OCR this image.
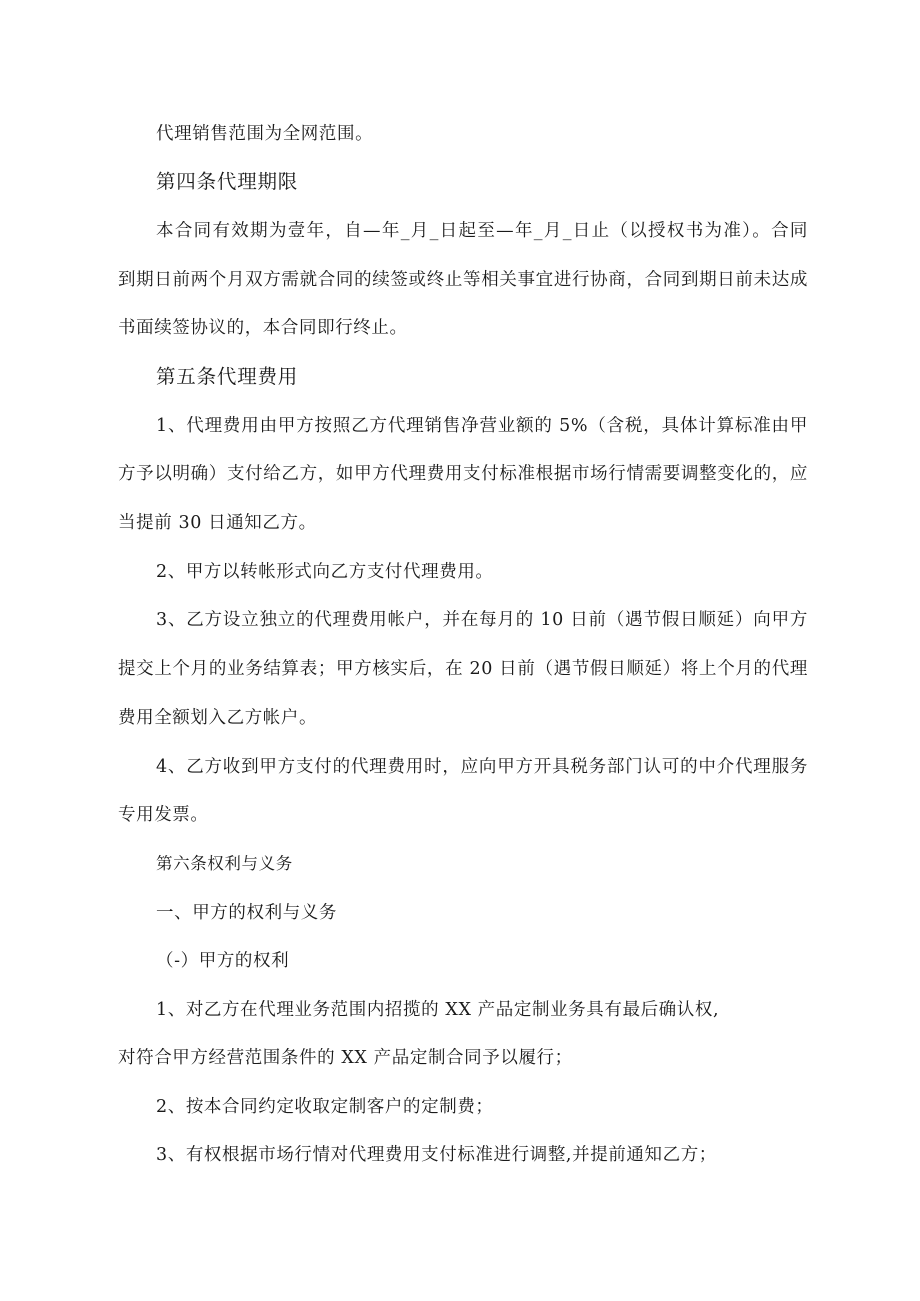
代理销售范围为全网范围。
第四条代理期限
本合同有效期为壹年，自—年_月_日起至—年_月_日止（以授权书为准）。合同
到期日前两个月双方需就合同的续签或终止等相关事宜进行协商，合同到期日前未达成
书面续签协议的，本合同即行终止。
第五条代理费用
1、代理费用由甲方按照乙方代理销售净营业额的 5%（含税，具体计算标准由甲
方予以明确）支付给乙方，如甲方代理费用支付标准根据市场行情需要调整变化的，应
当提前 30 日通知乙方。
2、甲方以转帐形式向乙方支付代理费用。
3、乙方设立独立的代理费用帐户，并在每月的 10 日前（遇节假日顺延）向甲方
提交上个月的业务结算表；甲方核实后，在 20 日前（遇节假日顺延）将上个月的代理
费用全额划入乙方帐户。
4、乙方收到甲方支付的代理费用时，应向甲方开具税务部门认可的中介代理服务
专用发票。
第六条权利与义务
一、甲方的权利与义务
（-）甲方的权利
1、对乙方在代理业务范围内招揽的 XX 产品定制业务具有最后确认权,
对符合甲方经营范围条件的 XX 产品定制合同予以履行；
2、按本合同约定收取定制客户的定制费；
3、有权根据市场行情对代理费用支付标准进行调整,并提前通知乙方；
